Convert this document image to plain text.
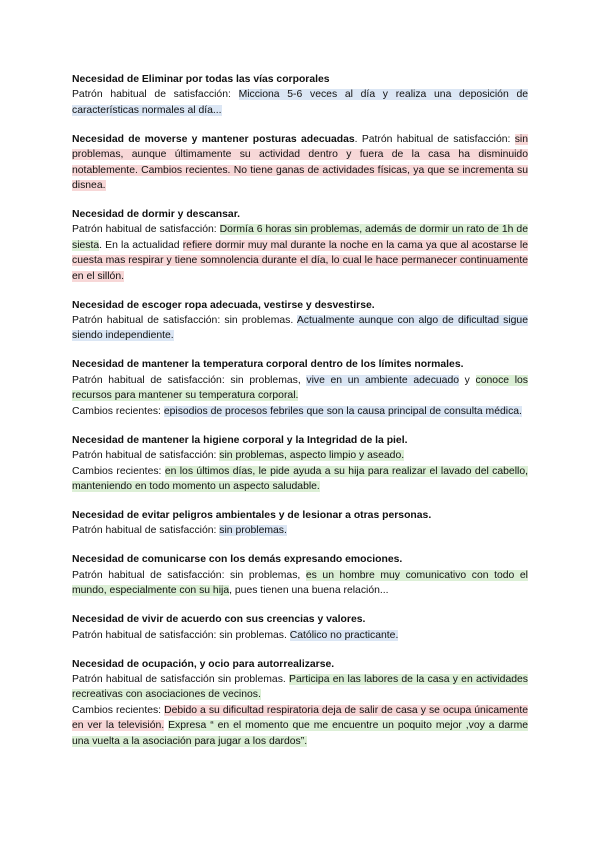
Necesidad de Eliminar por todas las vías corporales
Patrón habitual de satisfacción: Micciona 5-6 veces al día y realiza una deposición de características normales al día...

Necesidad de moverse y mantener posturas adecuadas. Patrón habitual de satisfacción: sin problemas, aunque últimamente su actividad dentro y fuera de la casa ha disminuido notablemente. Cambios recientes. No tiene ganas de actividades físicas, ya que se incrementa su disnea.

Necesidad de dormir y descansar.
Patrón habitual de satisfacción: Dormía 6 horas sin problemas, además de dormir un rato de 1h de siesta. En la actualidad refiere dormir muy mal durante la noche en la cama ya que al acostarse le cuesta mas respirar y tiene somnolencia durante el día, lo cual le hace permanecer continuamente en el sillón.

Necesidad de escoger ropa adecuada, vestirse y desvestirse.
Patrón habitual de satisfacción: sin problemas. Actualmente aunque con algo de dificultad sigue siendo independiente.

Necesidad de mantener la temperatura corporal dentro de los límites normales.
Patrón habitual de satisfacción: sin problemas, vive en un ambiente adecuado y conoce los recursos para mantener su temperatura corporal.

Cambios recientes: episodios de procesos febriles que son la causa principal de consulta médica.

Necesidad de mantener la higiene corporal y la Integridad de la piel.
Patrón habitual de satisfacción: sin problemas, aspecto limpio y aseado.

Cambios recientes: en los últimos días, le pide ayuda a su hija para realizar el lavado del cabello, manteniendo en todo momento un aspecto saludable.

Necesidad de evitar peligros ambientales y de lesionar a otras personas.
Patrón habitual de satisfacción: sin problemas.

Necesidad de comunicarse con los demás expresando emociones.
Patrón habitual de satisfacción: sin problemas, es un hombre muy comunicativo con todo el mundo, especialmente con su hija, pues tienen una buena relación...

Necesidad de vivir de acuerdo con sus creencias y valores.
Patrón habitual de satisfacción: sin problemas. Católico no practicante.

Necesidad de ocupación, y ocio para autorrealizarse.
Patrón habitual de satisfacción sin problemas. Participa en las labores de la casa y en actividades recreativas con asociaciones de vecinos.

Cambios recientes: Debido a su dificultad respiratoria deja de salir de casa y se ocupa únicamente en ver la televisión. Expresa “ en el momento que me encuentre un poquito mejor ,voy a darme una vuelta a la asociación para jugar a los dardos”.
